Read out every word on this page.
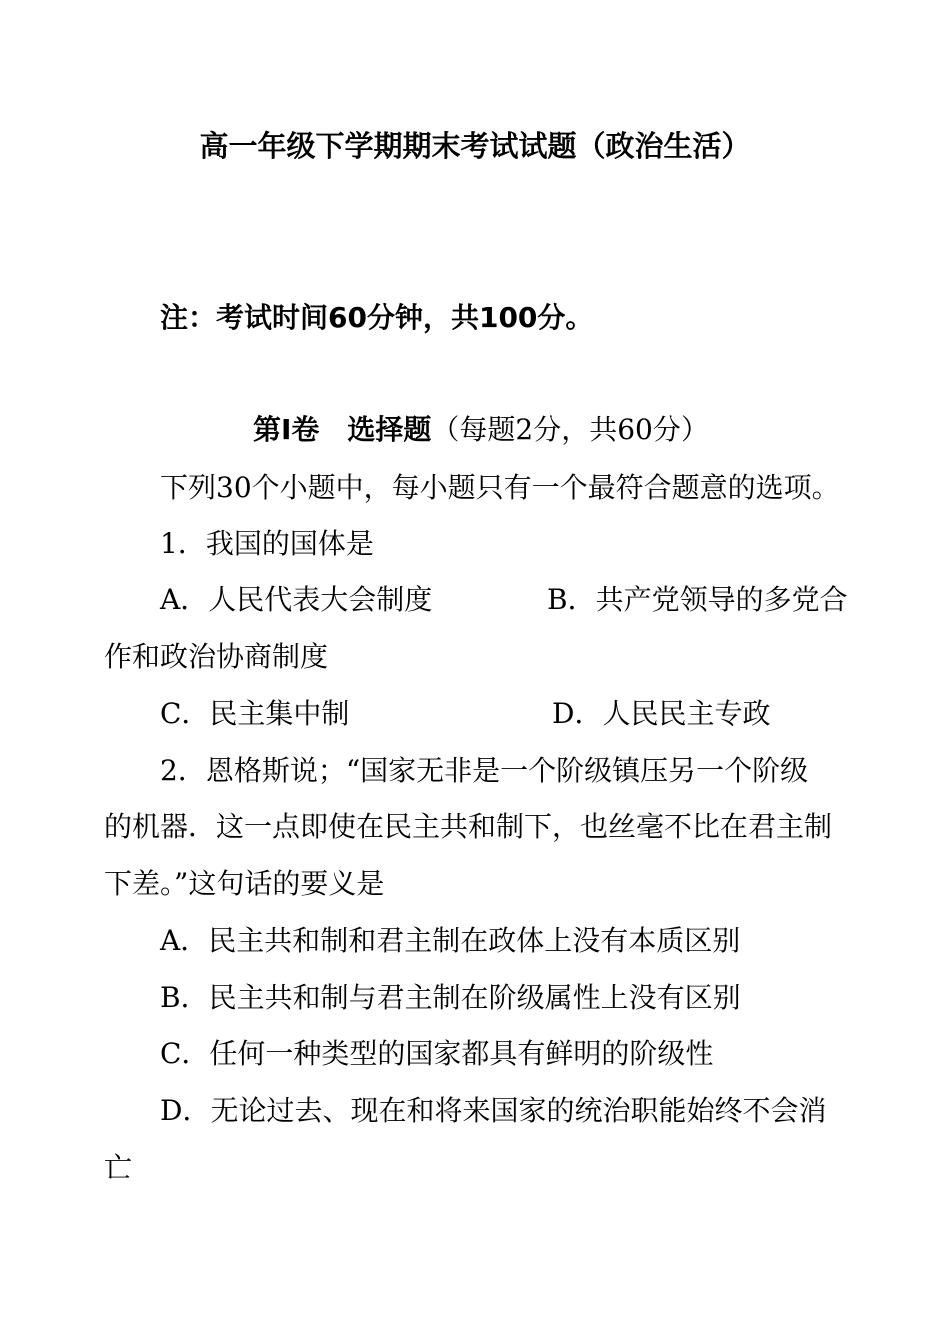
高一年级下学期期末考试试题（政治生活）
注：考试时间60分钟，共100分。
第Ⅰ卷　选择题（每题2分，共60分）
下列30个小题中，每小题只有一个最符合题意的选项。
1．我国的国体是
A．人民代表大会制度	B．共产党领导的多党合
作和政治协商制度
C．民主集中制	D．人民民主专政
2．恩格斯说；“国家无非是一个阶级镇压另一个阶级
的机器．这一点即使在民主共和制下，也丝毫不比在君主制
下差。”这句话的要义是
A．民主共和制和君主制在政体上没有本质区别
B．民主共和制与君主制在阶级属性上没有区别
C．任何一种类型的国家都具有鲜明的阶级性
D．无论过去、现在和将来国家的统治职能始终不会消
亡
